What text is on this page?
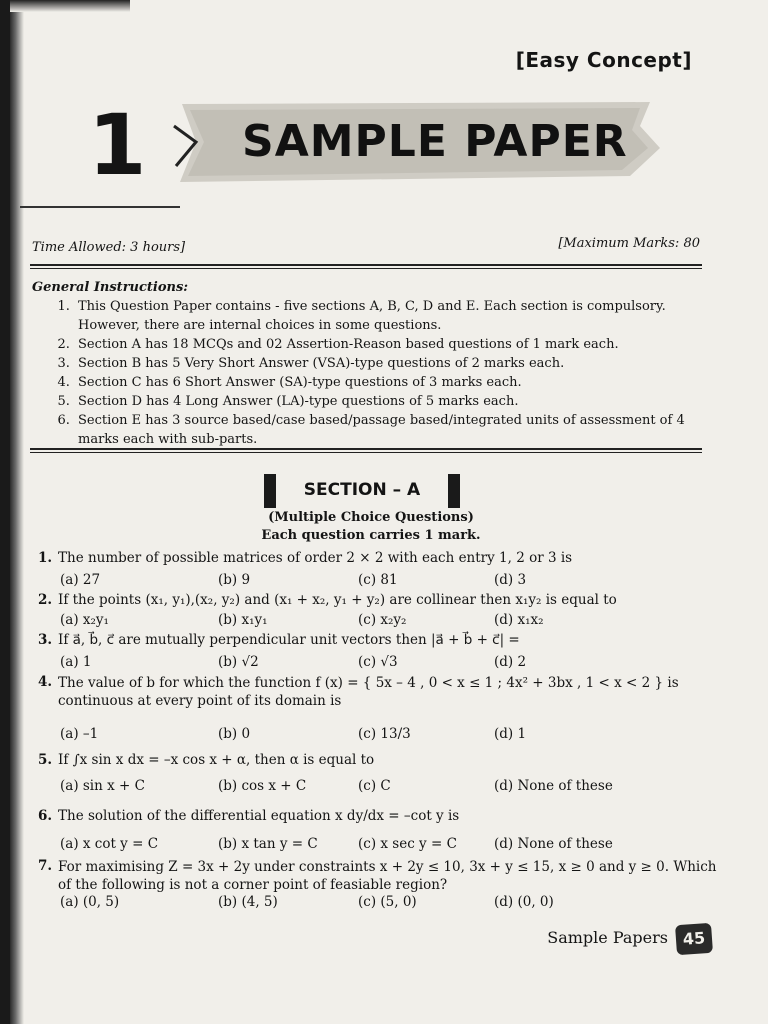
[Easy Concept]
1 SAMPLE PAPER
Time Allowed: 3 hours]	[Maximum Marks: 80
General Instructions:
1. This Question Paper contains - five sections A, B, C, D and E. Each section is compulsory. However, there are internal choices in some questions.
2. Section A has 18 MCQs and 02 Assertion-Reason based questions of 1 mark each.
3. Section B has 5 Very Short Answer (VSA)-type questions of 2 marks each.
4. Section C has 6 Short Answer (SA)-type questions of 3 marks each.
5. Section D has 4 Long Answer (LA)-type questions of 5 marks each.
6. Section E has 3 source based/case based/passage based/integrated units of assessment of 4 marks each with sub-parts.
SECTION – A
(Multiple Choice Questions)
Each question carries 1 mark.
1. The number of possible matrices of order 2 × 2 with each entry 1, 2 or 3 is
(a) 27	(b) 9	(c) 81	(d) 3
2. If the points (x₁, y₁),(x₂, y₂) and (x₁ + x₂, y₁ + y₂) are collinear then x₁y₂ is equal to
(a) x₂y₁	(b) x₁y₁	(c) x₂y₂	(d) x₁x₂
3. If a⃗, b⃗, c⃗ are mutually perpendicular unit vectors then |a⃗ + b⃗ + c⃗| =
(a) 1	(b) √2	(c) √3	(d) 2
4. The value of b for which the function f (x) = { 5x – 4 , 0 < x ≤ 1 ; 4x² + 3bx , 1 < x < 2 } is continuous at every point of its domain is
(a) –1	(b) 0	(c) 13/3	(d) 1
5. If ∫x sin x dx = –x cos x + α, then α is equal to
(a) sin x + C	(b) cos x + C	(c) C	(d) None of these
6. The solution of the differential equation x dy/dx = –cot y is
(a) x cot y = C	(b) x tan y = C	(c) x sec y = C	(d) None of these
7. For maximising Z = 3x + 2y under constraints x + 2y ≤ 10, 3x + y ≤ 15, x ≥ 0 and y ≥ 0. Which of the following is not a corner point of feasiable region?
(a) (0, 5)	(b) (4, 5)	(c) (5, 0)	(d) (0, 0)
Sample Papers 45
